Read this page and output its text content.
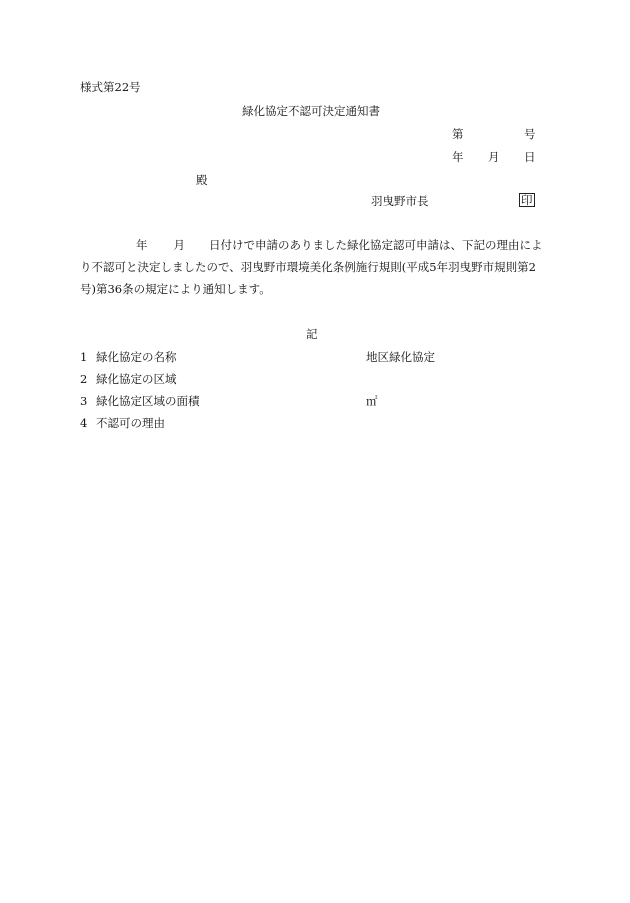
様式第22号
緑化協定不認可決定通知書
第	号
年 月 日
殿
羽曳野市長	印
年 月 日付けで申請のありました緑化協定認可申請は、下記の理由により不認可と決定しましたので、羽曳野市環境美化条例施行規則(平成5年羽曳野市規則第2号)第36条の規定により通知します。
記
1 緑化協定の名称	地区緑化協定
2 緑化協定の区域
3 緑化協定区域の面積	㎡
4 不認可の理由
